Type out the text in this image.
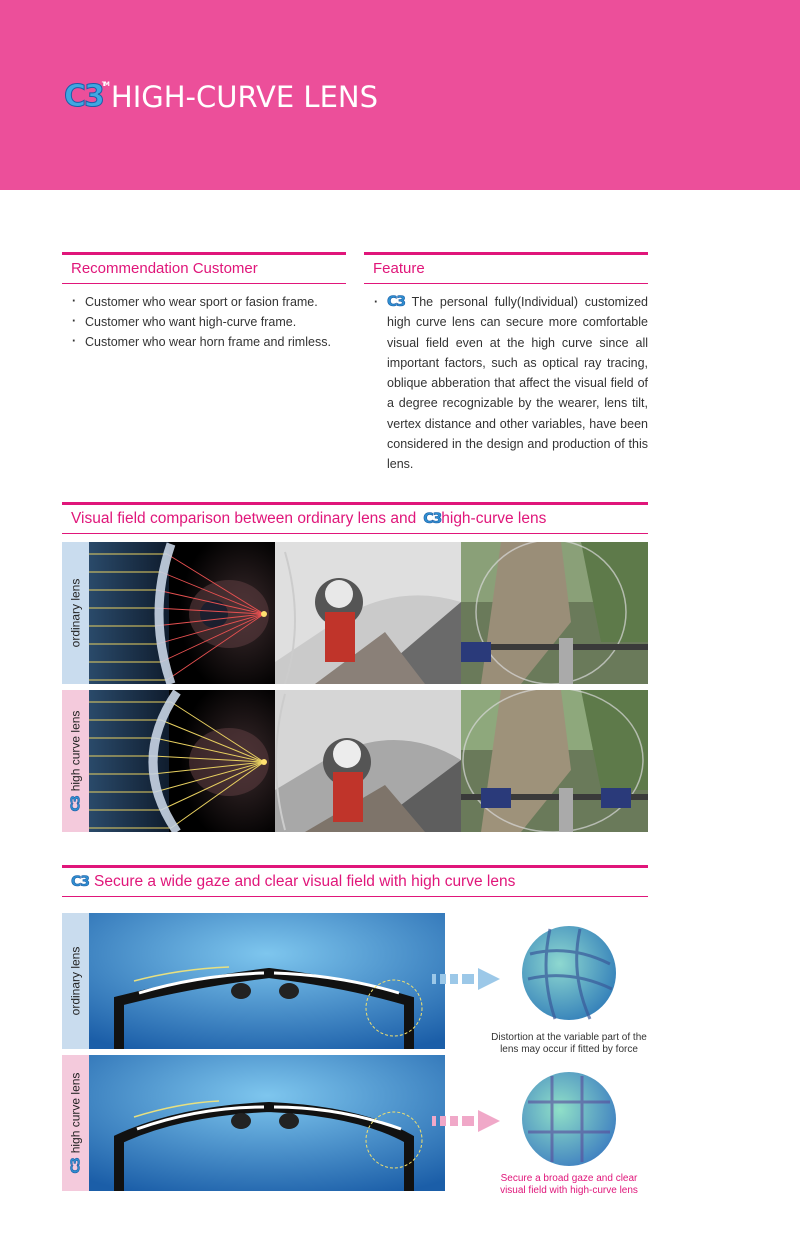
C3
TM HIGH-CURVE LENS
Recommendation Customer
· Customer who wear sport or fasion frame.
· Customer who want high-curve frame.
· Customer who wear horn frame and rimless.
Feature
· C3 The personal fully(Individual) customized high curve lens can secure more comfortable visual field even at the high curve since all important factors, such as optical ray tracing, oblique abberation that affect the visual field of a degree recognizable by the wearer, lens tilt, vertex distance and other variables, have been considered in the design and production of this lens.
Visual field comparison between ordinary lens and C3 high-curve lens
ordinary lens
C3
high curve lens
C3 Secure a wide gaze and clear visual field with high curve lens
ordinary lens
Distortion at the variable part of the lens may occur if fitted by force
C3
high curve lens
Secure a broad gaze and clear visual field with high-curve lens
